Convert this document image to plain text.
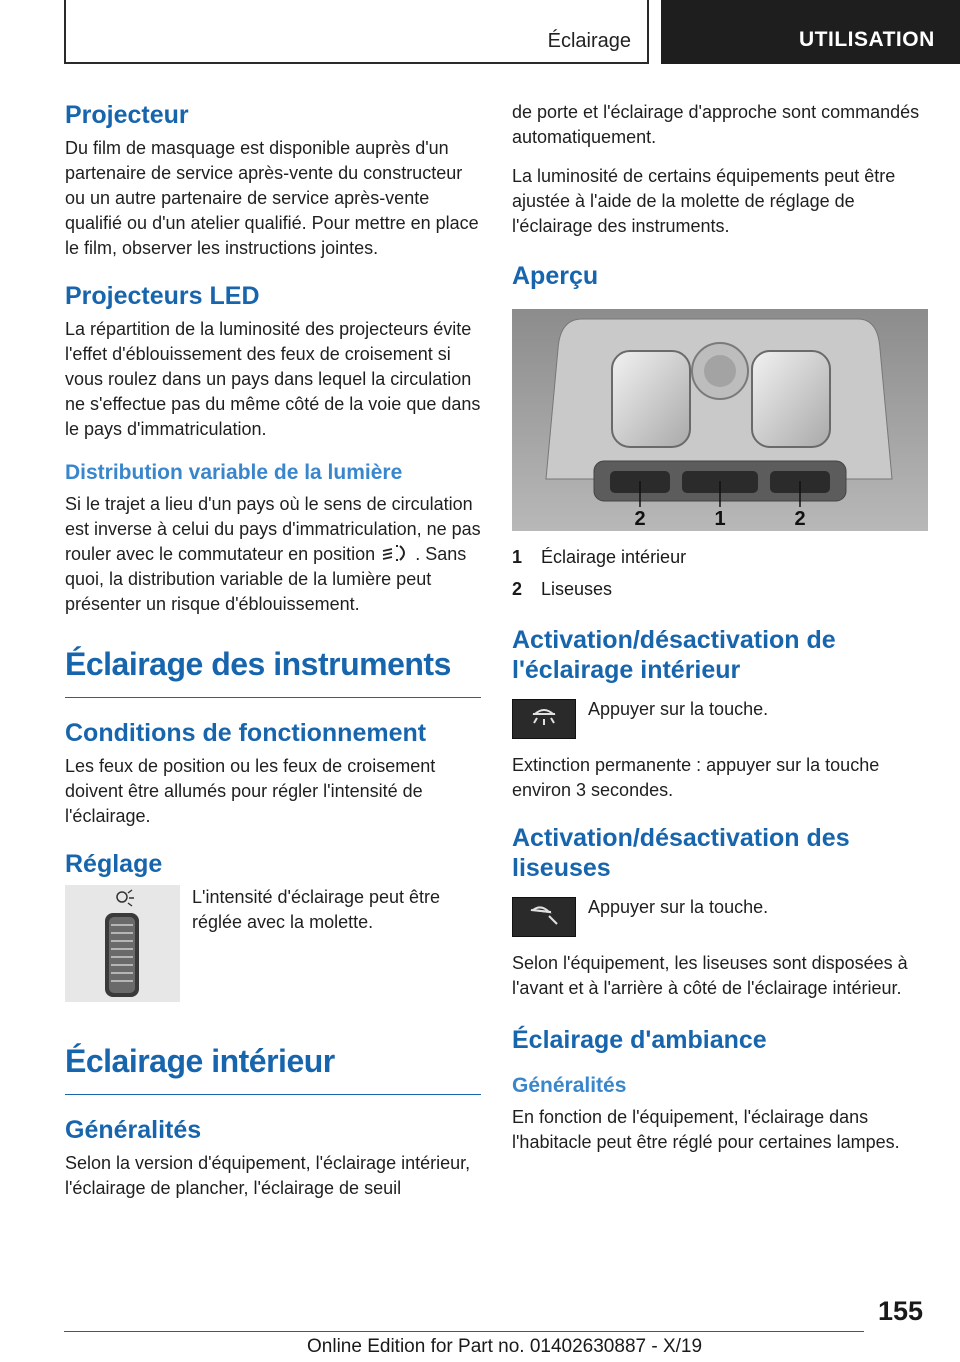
Éclairage	UTILISATION
Projecteur

Du film de masquage est disponible auprès d'un partenaire de service après-vente du constructeur ou un autre partenaire de service après-vente qualifié ou d'un atelier qualifié. Pour mettre en place le film, observer les instructions jointes.

Projecteurs LED

La répartition de la luminosité des projecteurs évite l'effet d'éblouissement des feux de croisement si vous roulez dans un pays dans lequel la circulation ne s'effectue pas du même côté de la voie que dans le pays d'immatriculation.

Distribution variable de la lumière

Si le trajet a lieu d'un pays où le sens de circulation est inverse à celui du pays d'immatriculation, ne pas rouler avec le commutateur en position . Sans quoi, la distribution variable de la lumière peut présenter un risque d'éblouissement.

Éclairage des instruments
Conditions de fonctionnement

Les feux de position ou les feux de croisement doivent être allumés pour régler l'intensité de l'éclairage.

Réglage

L'intensité d'éclairage peut être réglée avec la molette.

Éclairage intérieur
Généralités

Selon la version d'équipement, l'éclairage intérieur, l'éclairage de plancher, l'éclairage de seuil

de porte et l'éclairage d'approche sont commandés automatiquement.

La luminosité de certains équipements peut être ajustée à l'aide de la molette de réglage de l'éclairage des instruments.

Aperçu
2	1	2
1	Éclairage intérieur
2	Liseuses
Activation/désactivation de l'éclairage intérieur

Appuyer sur la touche.

Extinction permanente : appuyer sur la touche environ 3 secondes.

Activation/désactivation des liseuses

Appuyer sur la touche.

Selon l'équipement, les liseuses sont disposées à l'avant et à l'arrière à côté de l'éclairage intérieur.

Éclairage d'ambiance
Généralités

En fonction de l'équipement, l'éclairage dans l'habitacle peut être réglé pour certaines lampes.

155
Online Edition for Part no. 01402630887 - X/19
